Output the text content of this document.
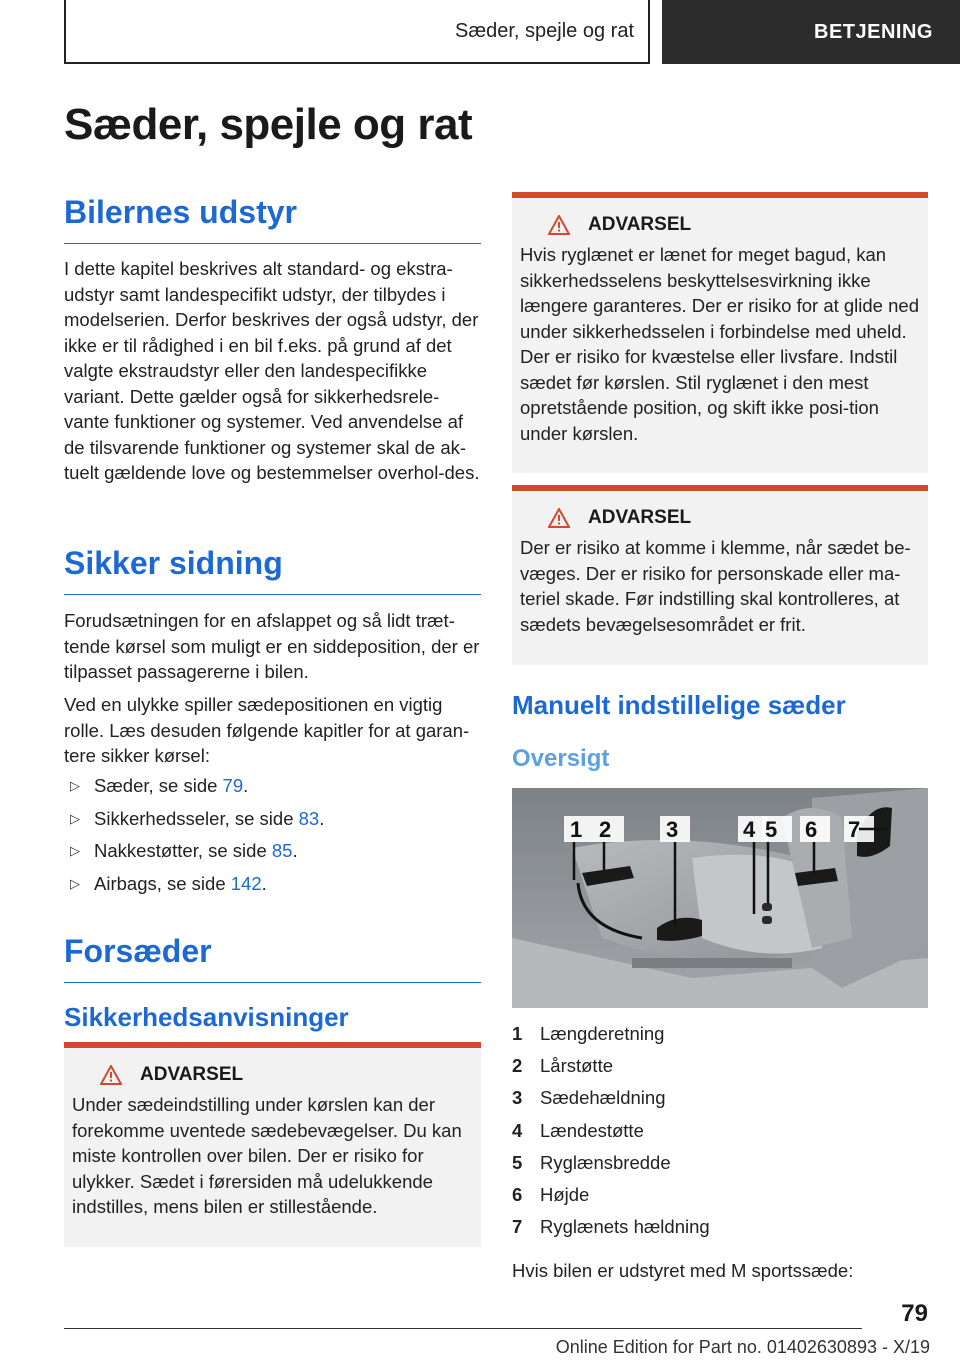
Sæder, spejle og rat	BETJENING
Sæder, spejle og rat
Bilernes udstyr

I dette kapitel beskrives alt standard- og ekstra-udstyr samt landespecifikt udstyr, der tilbydes i modelserien. Derfor beskrives der også udstyr, der ikke er til rådighed i en bil f.eks. på grund af det valgte ekstraudstyr eller den landespecifikke variant. Dette gælder også for sikkerhedsrele-vante funktioner og systemer. Ved anvendelse af de tilsvarende funktioner og systemer skal de ak-tuelt gældende love og bestemmelser overhol-des.

Sikker sidning

Forudsætningen for en afslappet og så lidt træt-tende kørsel som muligt er en siddeposition, der er tilpasset passagererne i bilen.

Ved en ulykke spiller sædepositionen en vigtig rolle. Læs desuden følgende kapitler for at garan-tere sikker kørsel:

▷ Sæder, se side 79.
▷ Sikkerhedsseler, se side 83.
▷ Nakkestøtter, se side 85.
▷ Airbags, se side 142.
Forsæder
Sikkerhedsanvisninger
ADVARSEL

Under sædeindstilling under kørslen kan der forekomme uventede sædebevægelser. Du kan miste kontrollen over bilen. Der er risiko for ulykker. Sædet i førersiden må udelukkende indstilles, mens bilen er stillestående.

ADVARSEL

Hvis ryglænet er lænet for meget bagud, kan sikkerhedsselens beskyttelsesvirkning ikke længere garanteres. Der er risiko for at glide ned under sikkerhedsselen i forbindelse med uheld. Der er risiko for kvæstelse eller livsfare. Indstil sædet før kørslen. Stil ryglænet i den mest opretstående position, og skift ikke posi-tion under kørslen.

ADVARSEL

Der er risiko at komme i klemme, når sædet be-væges. Der er risiko for personskade eller ma-teriel skade. Før indstilling skal kontrolleres, at sædets bevægelsesområdet er frit.

Manuelt indstillelige sæder
Oversigt
1 2 3	4 5 6 7
1 Længderetning
2 Lårstøtte
3 Sædehældning
4 Lændestøtte
5 Ryglænsbredde
6 Højde
7 Ryglænets hældning

Hvis bilen er udstyret med M sportssæde:

79
Online Edition for Part no. 01402630893 - X/19
